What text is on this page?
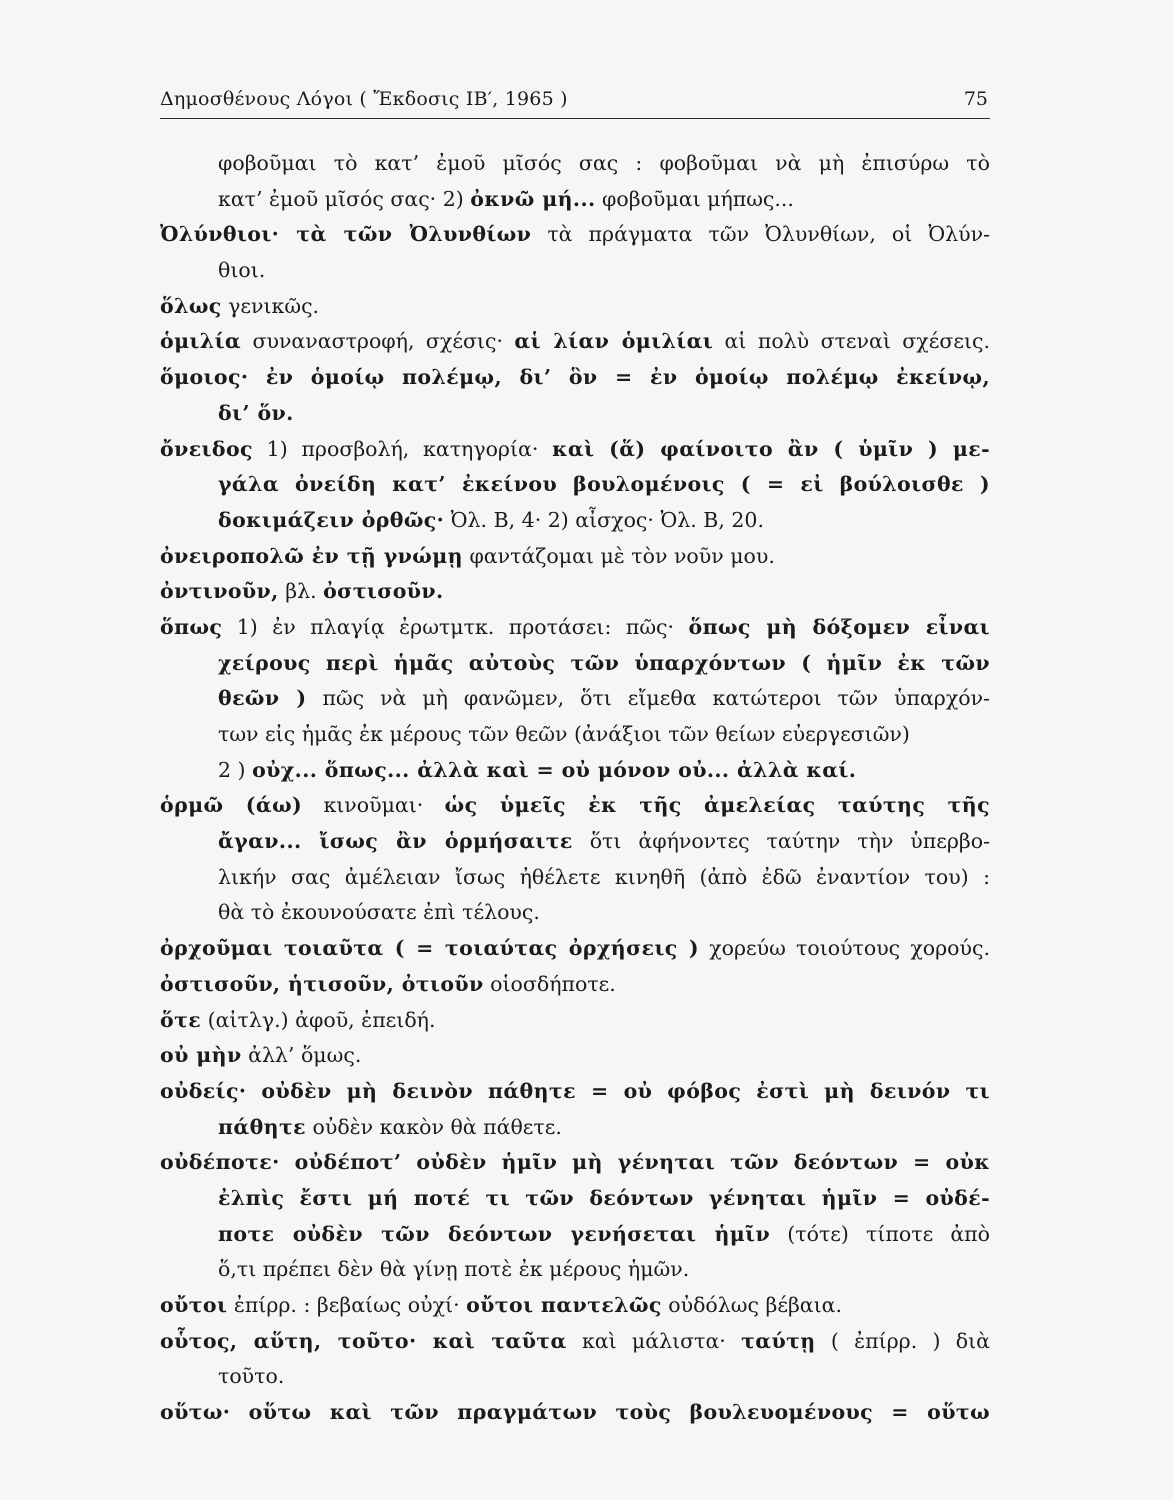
Δημοσθένους Λόγοι ( Ἔκδοσις ΙΒ′, 1965 )	75
φοβοῦμαι τὸ κατ’ ἐμοῦ μῖσός σας : φοβοῦμαι νὰ μὴ ἐπισύρω τὸ
κατ’ ἐμοῦ μῖσός σας· 2) ὀκνῶ μή... φοβοῦμαι μήπως...
Ὀλύνθιοι· τὰ τῶν Ὀλυνθίων τὰ πράγματα τῶν Ὀλυνθίων, οἱ Ὀλύν-
θιοι.
ὅλως γενικῶς.
ὁμιλία συναναστροφή, σχέσις· αἱ λίαν ὁμιλίαι αἱ πολὺ στεναὶ σχέσεις.
ὅμοιος· ἐν ὁμοίῳ πολέμῳ, δι’ ὃν = ἐν ὁμοίῳ πολέμῳ ἐκείνῳ,
δι’ ὅν.
ὄνειδος 1) προσβολή, κατηγορία· καὶ (ἅ) φαίνοιτο ἂν ( ὑμῖν ) με-
γάλα ὀνείδη κατ’ ἐκείνου βουλομένοις ( = εἰ βούλοισθε )
δοκιμάζειν ὀρθῶς· Ὀλ. Β, 4· 2) αἶσχος· Ὀλ. Β, 20.
ὀνειροπολῶ ἐν τῇ γνώμῃ φαντάζομαι μὲ τὸν νοῦν μου.
ὀντινοῦν, βλ. ὀστισοῦν.
ὅπως 1) ἐν πλαγίᾳ ἐρωτμτκ. προτάσει: πῶς· ὅπως μὴ δόξομεν εἶναι
χείρους περὶ ἡμᾶς αὐτοὺς τῶν ὑπαρχόντων ( ἡμῖν ἐκ τῶν
θεῶν ) πῶς νὰ μὴ φανῶμεν, ὅτι εἴμεθα κατώτεροι τῶν ὑπαρχόν-
των εἰς ἡμᾶς ἐκ μέρους τῶν θεῶν (ἀνάξιοι τῶν θείων εὐεργεσιῶν)
2 ) οὐχ... ὅπως... ἀλλὰ καὶ = οὐ μόνον οὐ... ἀλλὰ καί.
ὁρμῶ (άω) κινοῦμαι· ὡς ὑμεῖς ἐκ τῆς ἀμελείας ταύτης τῆς
ἄγαν... ἴσως ἂν ὁρμήσαιτε ὅτι ἀφήνοντες ταύτην τὴν ὑπερβο-
λικήν σας ἀμέλειαν ἴσως ἠθέλετε κινηθῆ (ἀπὸ ἐδῶ ἐναντίον του) :
θὰ τὸ ἐκουνούσατε ἐπὶ τέλους.
ὀρχοῦμαι τοιαῦτα ( = τοιαύτας ὀρχήσεις ) χορεύω τοιούτους χορούς.
ὀστισοῦν, ἡτισοῦν, ὀτιοῦν οἱοσδήποτε.
ὅτε (αἰτλγ.) ἀφοῦ, ἐπειδή.
οὐ μὴν ἀλλ’ ὅμως.
οὐδείς· οὐδὲν μὴ δεινὸν πάθητε = οὐ φόβος ἐστὶ μὴ δεινόν τι
πάθητε οὐδὲν κακὸν θὰ πάθετε.
οὐδέποτε· οὐδέποτ’ οὐδὲν ἡμῖν μὴ γένηται τῶν δεόντων = οὐκ
ἐλπὶς ἔστι μή ποτέ τι τῶν δεόντων γένηται ἡμῖν = οὐδέ-
ποτε οὐδὲν τῶν δεόντων γενήσεται ἡμῖν (τότε) τίποτε ἀπὸ
ὅ,τι πρέπει δὲν θὰ γίνῃ ποτὲ ἐκ μέρους ἡμῶν.
οὔτοι ἐπίρρ. : βεβαίως οὐχί· οὔτοι παντελῶς οὐδόλως βέβαια.
οὗτος, αὕτη, τοῦτο· καὶ ταῦτα καὶ μάλιστα· ταύτῃ ( ἐπίρρ. ) διὰ
τοῦτο.
οὕτω· οὕτω καὶ τῶν πραγμάτων τοὺς βουλευομένους = οὕτω
